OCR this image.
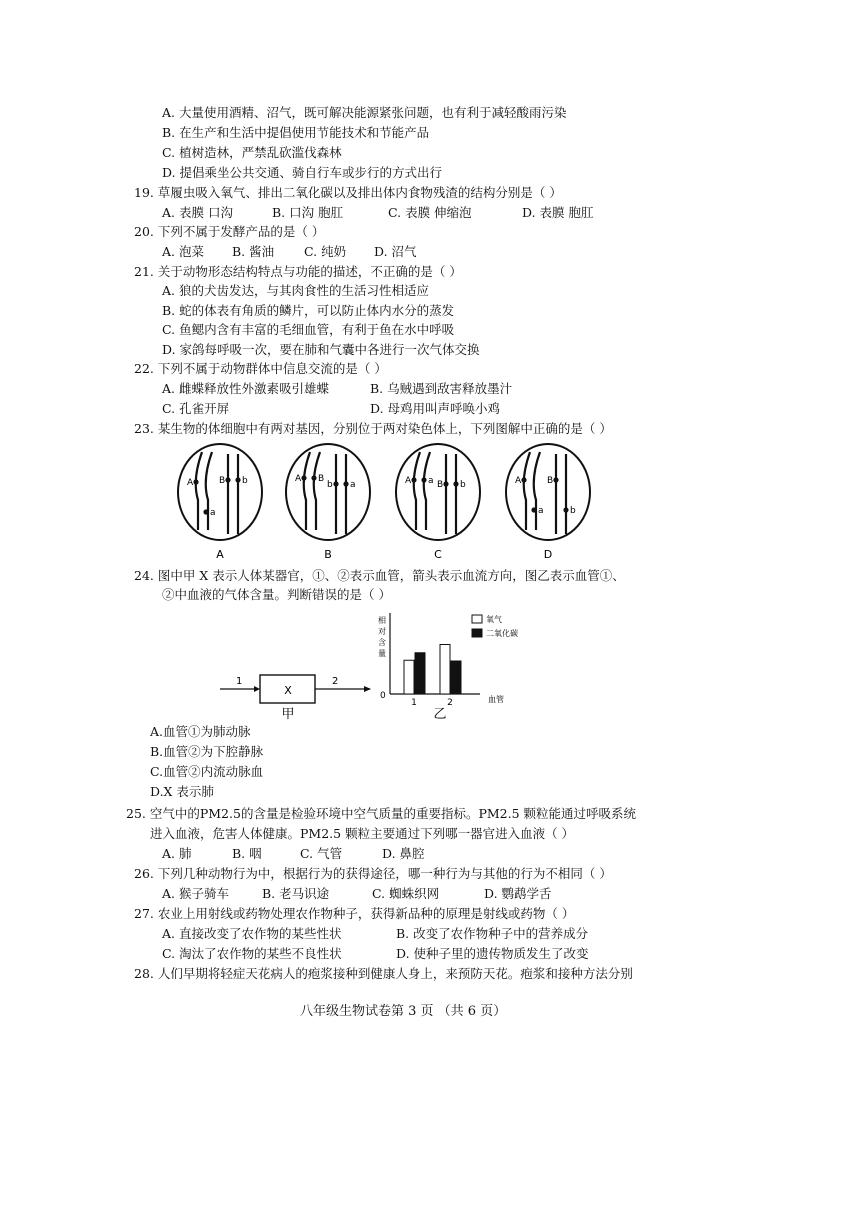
A. 大量使用酒精、沼气，既可解决能源紧张问题，也有利于减轻酸雨污染
B. 在生产和生活中提倡使用节能技术和节能产品
C. 植树造林，严禁乱砍滥伐森林
D. 提倡乘坐公共交通、骑自行车或步行的方式出行
19. 草履虫吸入氧气、排出二氧化碳以及排出体内食物残渣的结构分别是（ ）
A. 表膜 口沟	B. 口沟 胞肛	C. 表膜 伸缩泡	D. 表膜 胞肛
20. 下列不属于发酵产品的是（ ）
A. 泡菜 B. 酱油 C. 纯奶 D. 沼气
21. 关于动物形态结构特点与功能的描述，不正确的是（ ）
A. 狼的犬齿发达，与其肉食性的生活习性相适应
B. 蛇的体表有角质的鳞片，可以防止体内水分的蒸发
C. 鱼鳃内含有丰富的毛细血管，有利于鱼在水中呼吸
D. 家鸽每呼吸一次，要在肺和气囊中各进行一次气体交换
22. 下列不属于动物群体中信息交流的是（ ）
A. 雌蝶释放性外激素吸引雄蝶	B. 乌贼遇到敌害释放墨汁
C. 孔雀开屏	D. 母鸡用叫声呼唤小鸡
23. 某生物的体细胞中有两对基因，分别位于两对染色体上，下列图解中正确的是（ ）
A
a
B b
A
A B
b a
B
A a B b
C
A
a
B
b
D
24. 图中甲 X 表示人体某器官，①、②表示血管，箭头表示血流方向，图乙表示血管①、
②中血液的气体含量。判断错误的是（ ）
X
1	2
甲
0
相
对
含
量
血管
1	2
氧气
二氧化碳
乙
A.血管①为肺动脉
B.血管②为下腔静脉
C.血管②内流动脉血
D.X 表示肺
25. 空气中的PM2.5的含量是检验环境中空气质量的重要指标。PM2.5 颗粒能通过呼吸系统
进入血液，危害人体健康。PM2.5 颗粒主要通过下列哪一器官进入血液（ ）
A. 肺	B. 咽	C. 气管	D. 鼻腔
26. 下列几种动物行为中，根据行为的获得途径，哪一种行为与其他的行为不相同（ ）
A. 猴子骑车	B. 老马识途	C. 蜘蛛织网	D. 鹦鹉学舌
27. 农业上用射线或药物处理农作物种子，获得新品种的原理是射线或药物（ ）
A. 直接改变了农作物的某些性状	B. 改变了农作物种子中的营养成分
C. 淘汰了农作物的某些不良性状	D. 使种子里的遗传物质发生了改变
28. 人们早期将轻症天花病人的疱浆接种到健康人身上，来预防天花。疱浆和接种方法分别
八年级生物试卷第 3 页 （共 6 页）
